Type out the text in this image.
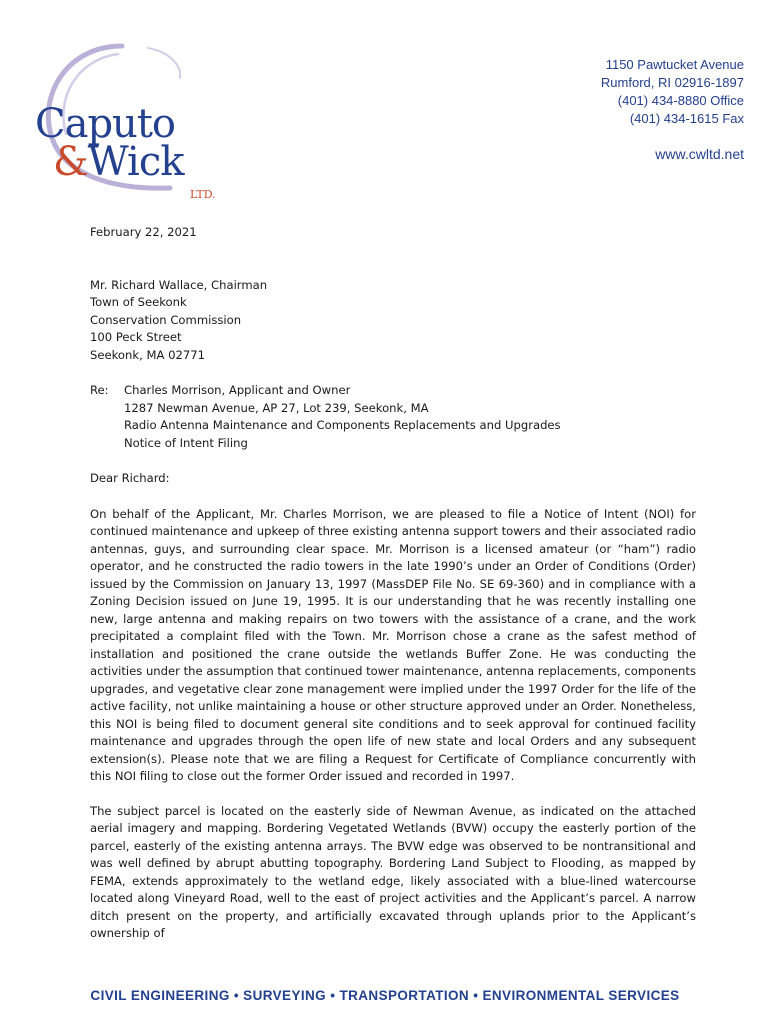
Caputo
&Wick
LTD.
1150 Pawtucket Avenue
Rumford, RI 02916-1897
(401) 434-8880 Office
(401) 434-1615 Fax
www.cwltd.net

February 22, 2021

Mr. Richard Wallace, Chairman

Town of Seekonk

Conservation Commission

100 Peck Street

Seekonk, MA 02771

Re:	Charles Morrison, Applicant and Owner

1287 Newman Avenue, AP 27, Lot 239, Seekonk, MA

Radio Antenna Maintenance and Components Replacements and Upgrades

Notice of Intent Filing

Dear Richard:

On behalf of the Applicant, Mr. Charles Morrison, we are pleased to file a Notice of Intent (NOI) for continued maintenance and upkeep of three existing antenna support towers and their associated radio antennas, guys, and surrounding clear space. Mr. Morrison is a licensed amateur (or “ham”) radio operator, and he constructed the radio towers in the late 1990’s under an Order of Conditions (Order) issued by the Commission on January 13, 1997 (MassDEP File No. SE 69-360) and in compliance with a Zoning Decision issued on June 19, 1995. It is our understanding that he was recently installing one new, large antenna and making repairs on two towers with the assistance of a crane, and the work precipitated a complaint filed with the Town. Mr. Morrison chose a crane as the safest method of installation and positioned the crane outside the wetlands Buffer Zone. He was conducting the activities under the assumption that continued tower maintenance, antenna replacements, components upgrades, and vegetative clear zone management were implied under the 1997 Order for the life of the active facility, not unlike maintaining a house or other structure approved under an Order. Nonetheless, this NOI is being filed to document general site conditions and to seek approval for continued facility maintenance and upgrades through the open life of new state and local Orders and any subsequent extension(s). Please note that we are filing a Request for Certificate of Compliance concurrently with this NOI filing to close out the former Order issued and recorded in 1997.

The subject parcel is located on the easterly side of Newman Avenue, as indicated on the attached aerial imagery and mapping. Bordering Vegetated Wetlands (BVW) occupy the easterly portion of the parcel, easterly of the existing antenna arrays. The BVW edge was observed to be nontransitional and was well defined by abrupt abutting topography. Bordering Land Subject to Flooding, as mapped by FEMA, extends approximately to the wetland edge, likely associated with a blue-lined watercourse located along Vineyard Road, well to the east of project activities and the Applicant’s parcel. A narrow ditch present on the property, and artificially excavated through uplands prior to the Applicant’s ownership of

CIVIL ENGINEERING • SURVEYING • TRANSPORTATION • ENVIRONMENTAL SERVICES
